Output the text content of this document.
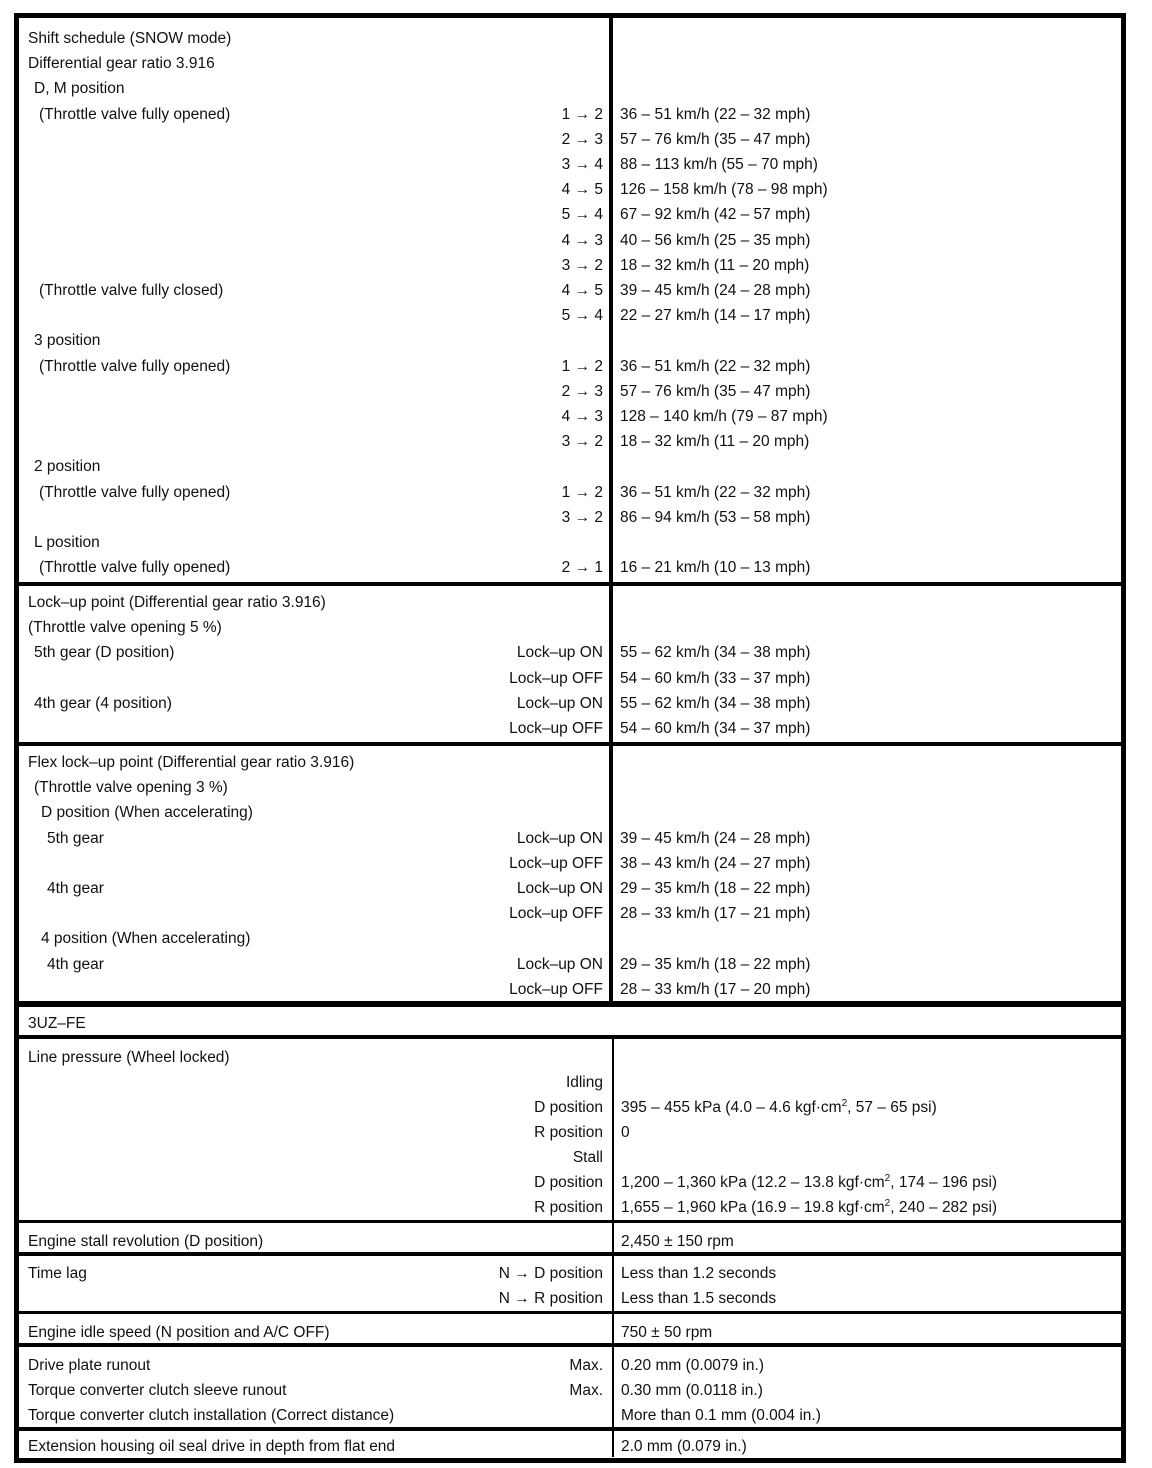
Shift schedule (SNOW mode)
Differential gear ratio 3.916
D, M position
(Throttle valve fully opened)	1 → 2 36 – 51 km/h (22 – 32 mph)
2 → 3 57 – 76 km/h (35 – 47 mph)
3 → 4 88 – 113 km/h (55 – 70 mph)
4 → 5 126 – 158 km/h (78 – 98 mph)
5 → 4 67 – 92 km/h (42 – 57 mph)
4 → 3 40 – 56 km/h (25 – 35 mph)
3 → 2 18 – 32 km/h (11 – 20 mph)
(Throttle valve fully closed)	4 → 5 39 – 45 km/h (24 – 28 mph)
5 → 4 22 – 27 km/h (14 – 17 mph)
3 position
(Throttle valve fully opened)	1 → 2 36 – 51 km/h (22 – 32 mph)
2 → 3 57 – 76 km/h (35 – 47 mph)
4 → 3 128 – 140 km/h (79 – 87 mph)
3 → 2 18 – 32 km/h (11 – 20 mph)
2 position
(Throttle valve fully opened)	1 → 2 36 – 51 km/h (22 – 32 mph)
3 → 2 86 – 94 km/h (53 – 58 mph)
L position
(Throttle valve fully opened)	2 → 1 16 – 21 km/h (10 – 13 mph)
Lock–up point (Differential gear ratio 3.916)
(Throttle valve opening 5 %)
5th gear (D position)	Lock–up ON 55 – 62 km/h (34 – 38 mph)
Lock–up OFF 54 – 60 km/h (33 – 37 mph)
4th gear (4 position)	Lock–up ON 55 – 62 km/h (34 – 38 mph)
Lock–up OFF 54 – 60 km/h (34 – 37 mph)
Flex lock–up point (Differential gear ratio 3.916)
(Throttle valve opening 3 %)
D position (When accelerating)
5th gear	Lock–up ON 39 – 45 km/h (24 – 28 mph)
Lock–up OFF 38 – 43 km/h (24 – 27 mph)
4th gear	Lock–up ON 29 – 35 km/h (18 – 22 mph)
Lock–up OFF 28 – 33 km/h (17 – 21 mph)
4 position (When accelerating)
4th gear	Lock–up ON 29 – 35 km/h (18 – 22 mph)
Lock–up OFF 28 – 33 km/h (17 – 20 mph)
3UZ–FE
Line pressure (Wheel locked)
Idling
D position 395 – 455 kPa (4.0 – 4.6 $kgf\cdot cm^2$, 57 – 65 psi)
R position 0
Stall
D position 1,200 – 1,360 kPa (12.2 – 13.8 $kgf\cdot cm^2$, 174 – 196 psi)
R position 1,655 – 1,960 kPa (16.9 – 19.8 $kgf\cdot cm^2$, 240 – 282 psi)
Engine stall revolution (D position)	2,450 ± 150 rpm
Time lag	N → D position Less than 1.2 seconds
N → R position Less than 1.5 seconds
Engine idle speed (N position and A/C OFF)	750 ± 50 rpm
Drive plate runout	Max. 0.20 mm (0.0079 in.)
Torque converter clutch sleeve runout	Max. 0.30 mm (0.0118 in.)
Torque converter clutch installation (Correct distance)	More than 0.1 mm (0.004 in.)
Extension housing oil seal drive in depth from flat end	2.0 mm (0.079 in.)
